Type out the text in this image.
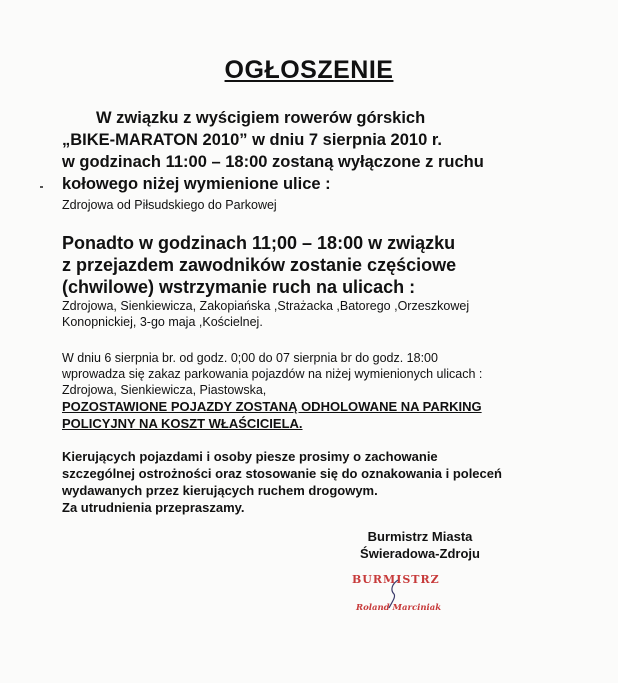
OGŁOSZENIE
W związku z wyścigiem rowerów górskich
„BIKE-MARATON 2010” w dniu 7 sierpnia 2010 r.
w godzinach 11:00 – 18:00 zostaną wyłączone z ruchu
kołowego niżej wymienione ulice :
Zdrojowa od Piłsudskiego do Parkowej
Ponadto w godzinach 11;00 – 18:00 w związku
z przejazdem zawodników zostanie częściowe
(chwilowe) wstrzymanie ruch na ulicach :
Zdrojowa, Sienkiewicza, Zakopiańska ,Strażacka ,Batorego ,Orzeszkowej
Konopnickiej, 3-go maja ,Kościelnej.
W dniu 6 sierpnia br. od godz. 0;00 do 07 sierpnia br do godz. 18:00
wprowadza się zakaz parkowania pojazdów na niżej wymienionych ulicach :
Zdrojowa, Sienkiewicza, Piastowska,
POZOSTAWIONE POJAZDY ZOSTANĄ ODHOLOWANE NA PARKING
POLICYJNY NA KOSZT WŁAŚCICIELA.
Kierujących pojazdami i osoby piesze prosimy o zachowanie
szczególnej ostrożności oraz stosowanie się do oznakowania i poleceń
wydawanych przez kierujących ruchem drogowym.
Za utrudnienia przepraszamy.
Burmistrz Miasta
Świeradowa-Zdroju
BURMISTRZ
Roland Marciniak
